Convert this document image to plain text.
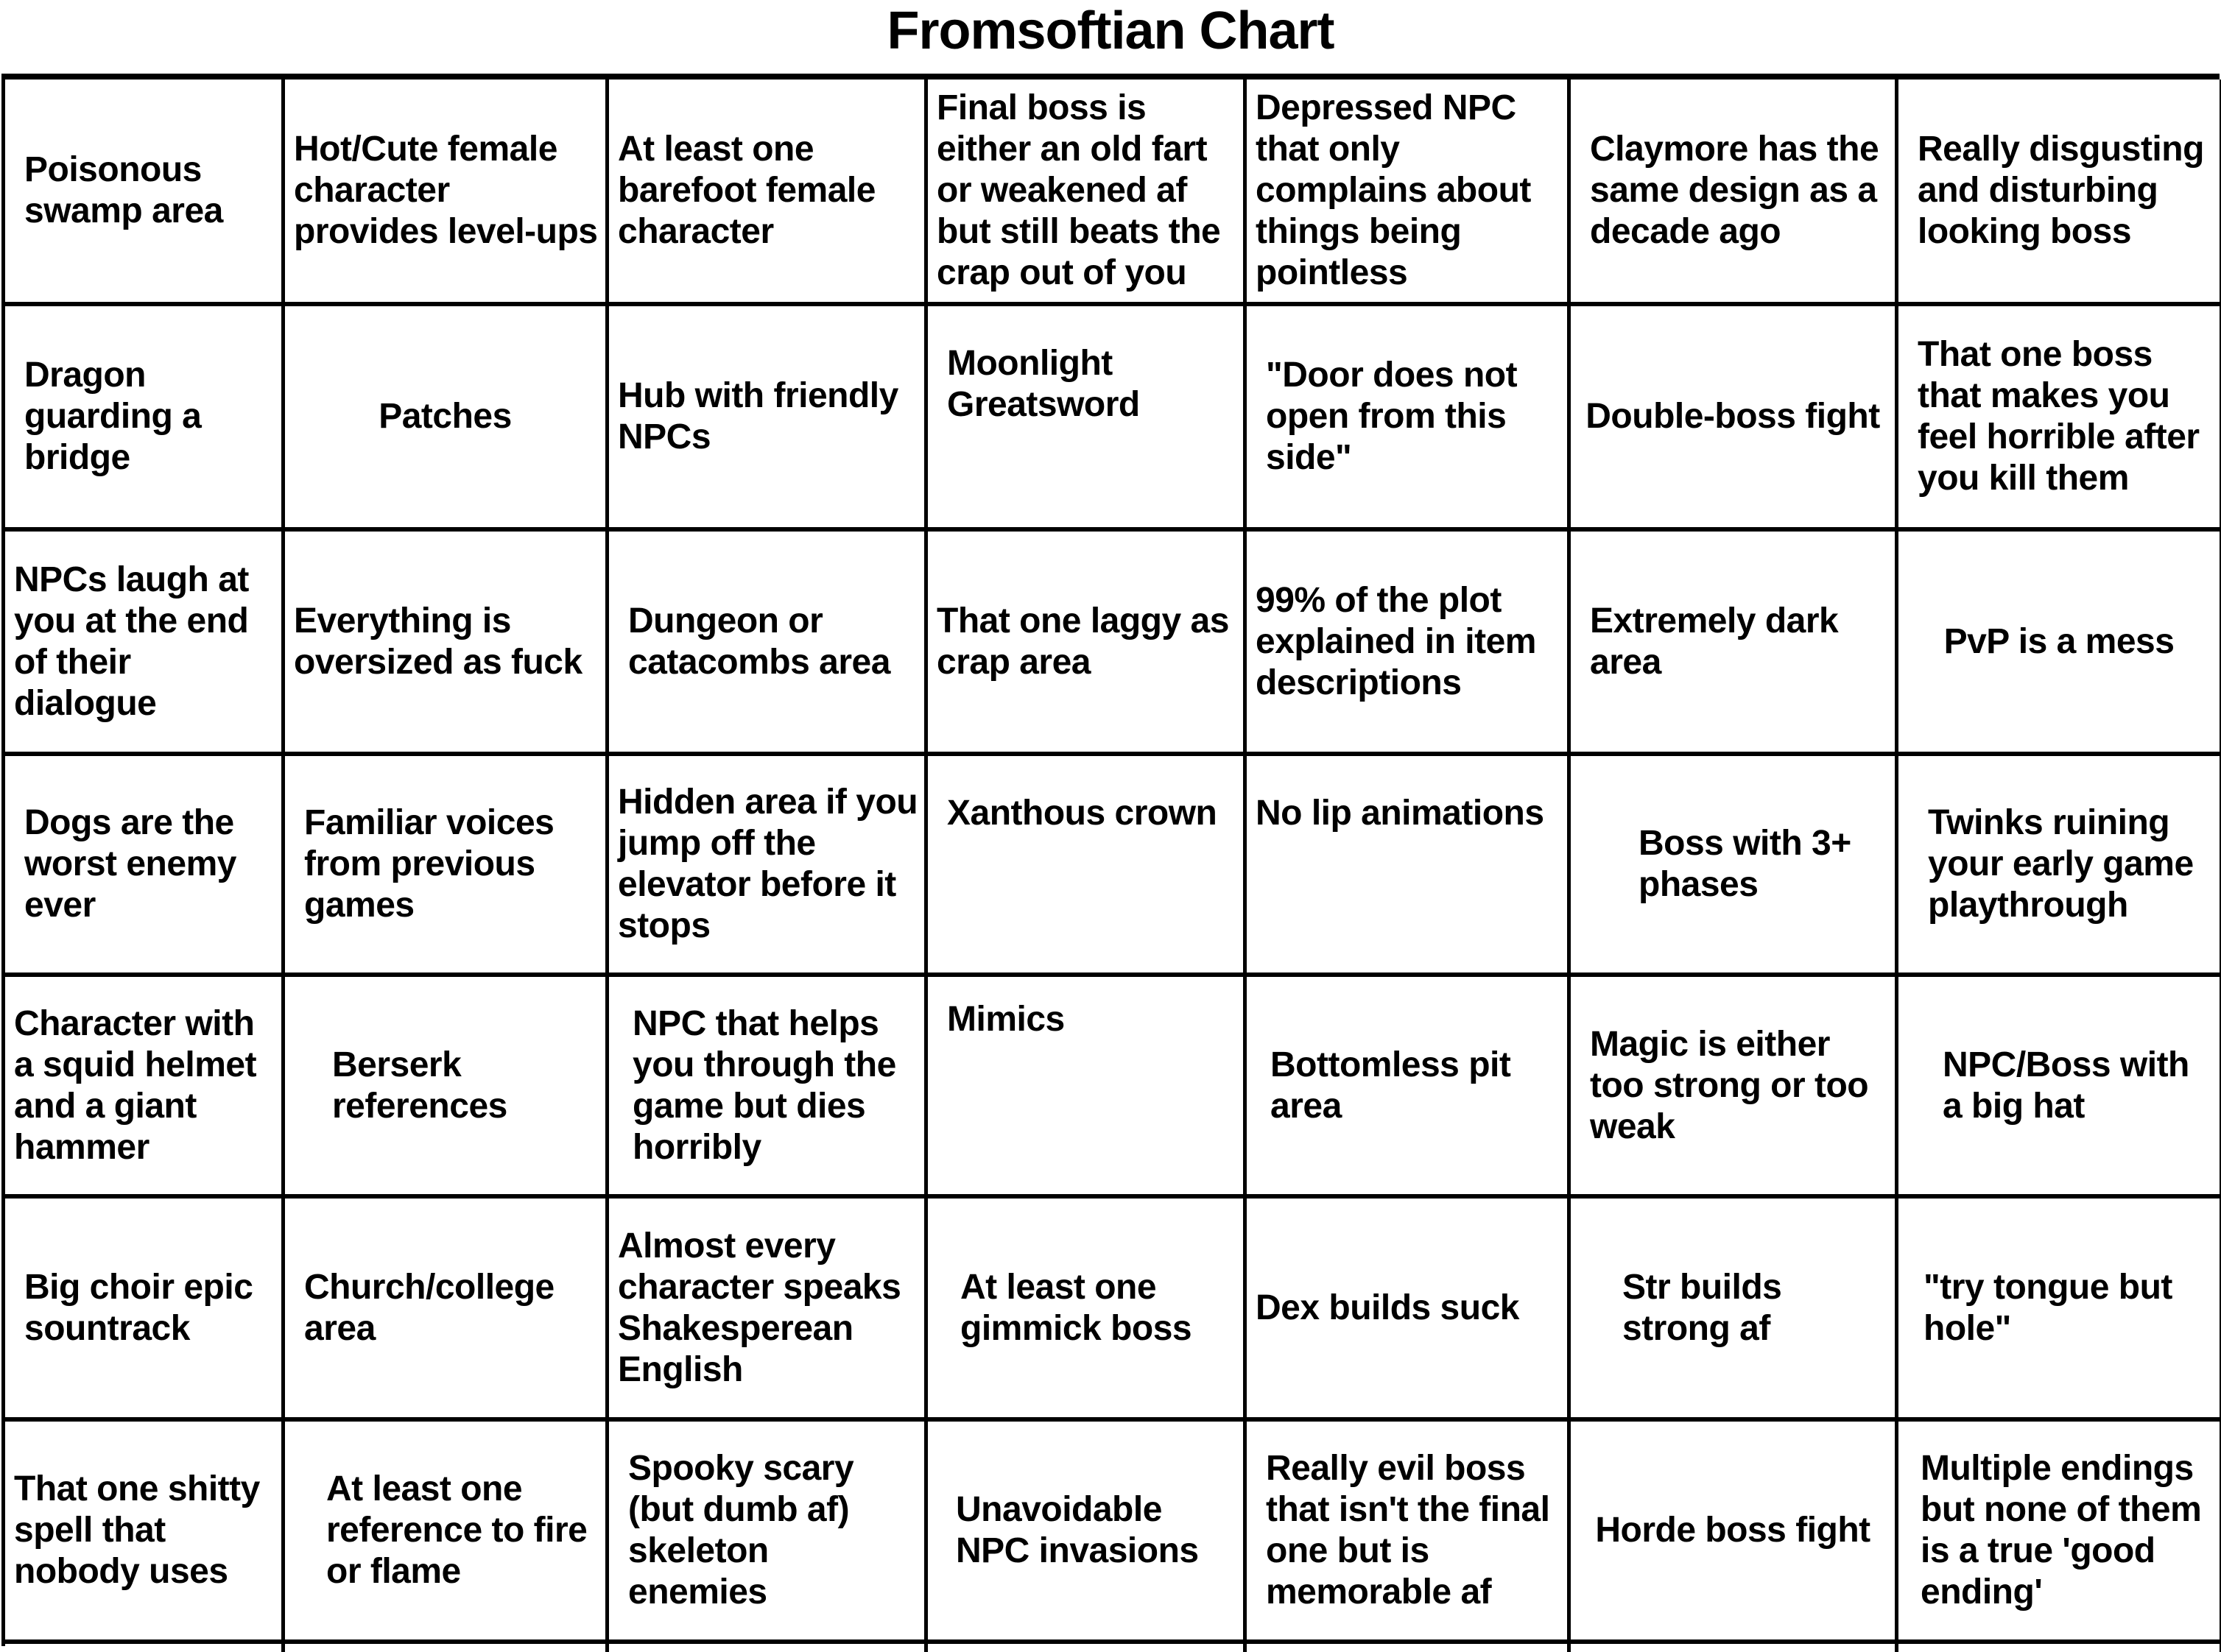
Fromsoftian Chart
Poisonous swamp area
Hot/Cute female character provides level-ups
At least one barefoot female character
Final boss is either an old fart or weakened af but still beats the crap out of you
Depressed NPC that only complains about things being pointless
Claymore has the same design as a decade ago
Really disgusting and disturbing looking boss
Dragon guarding a bridge
Patches
Hub with friendly NPCs
Moonlight Greatsword
"Door does not open from this side"
Double-boss fight
That one boss that makes you feel horrible after you kill them
NPCs laugh at you at the end of their dialogue
Everything is oversized as fuck
Dungeon or catacombs area
That one laggy as crap area
99% of the plot explained in item descriptions
Extremely dark area
PvP is a mess
Dogs are the worst enemy ever
Familiar voices from previous games
Hidden area if you jump off the elevator before it stops
Xanthous crown No lip animations
Boss with 3+ phases
Twinks ruining your early game playthrough
Character with a squid helmet and a giant hammer
Berserk references
NPC that helps you through the game but dies horribly
Mimics
Bottomless pit area
Magic is either too strong or too weak
NPC/Boss with a big hat
Big choir epic sountrack
Church/college area
Almost every character speaks Shakesperean English
At least one gimmick boss
Dex builds suck
Str builds strong af
"try tongue but hole"
That one shitty spell that nobody uses
At least one reference to fire or flame
Spooky scary (but dumb af) skeleton enemies
Unavoidable NPC invasions
Really evil boss that isn't the final one but is memorable af
Horde boss fight
Multiple endings but none of them is a true 'good ending'
